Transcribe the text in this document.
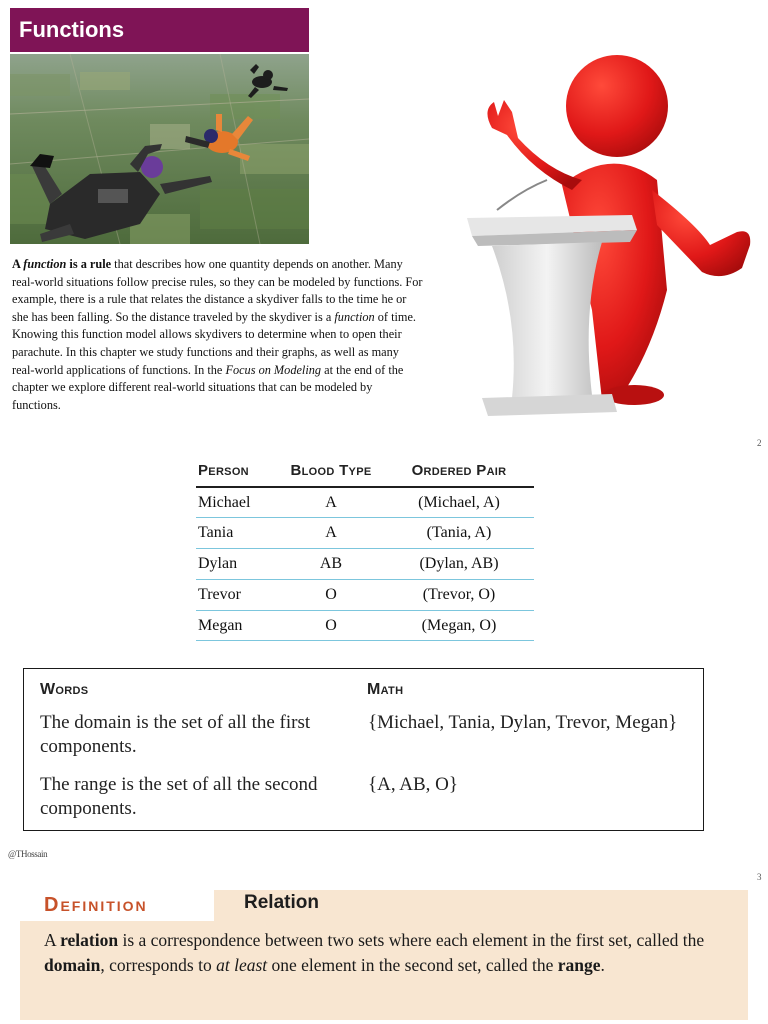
Functions

A function is a rule that describes how one quantity depends on another. Many real-world situations follow precise rules, so they can be modeled by functions. For example, there is a rule that relates the distance a skydiver falls to the time he or she has been falling. So the distance traveled by the skydiver is a function of time. Knowing this function model allows skydivers to determine when to open their parachute. In this chapter we study functions and their graphs, as well as many real-world applications of functions. In the Focus on Modeling at the end of the chapter we explore different real-world situations that can be modeled by functions.

2
Person	Blood Type	Ordered Pair
Michael	A	(Michael, A)
Tania	A	(Tania, A)
Dylan	AB	(Dylan, AB)
Trevor	O	(Trevor, O)
Megan	O	(Megan, O)
Words	Math
The domain is the set of all the first components.
{Michael, Tania, Dylan, Trevor, Megan}
The range is the set of all the second components.
{A, AB, O}
@THossain
3
Definition	Relation

A relation is a correspondence between two sets where each element in the first set, called the domain, corresponds to at least one element in the second set, called the range.
